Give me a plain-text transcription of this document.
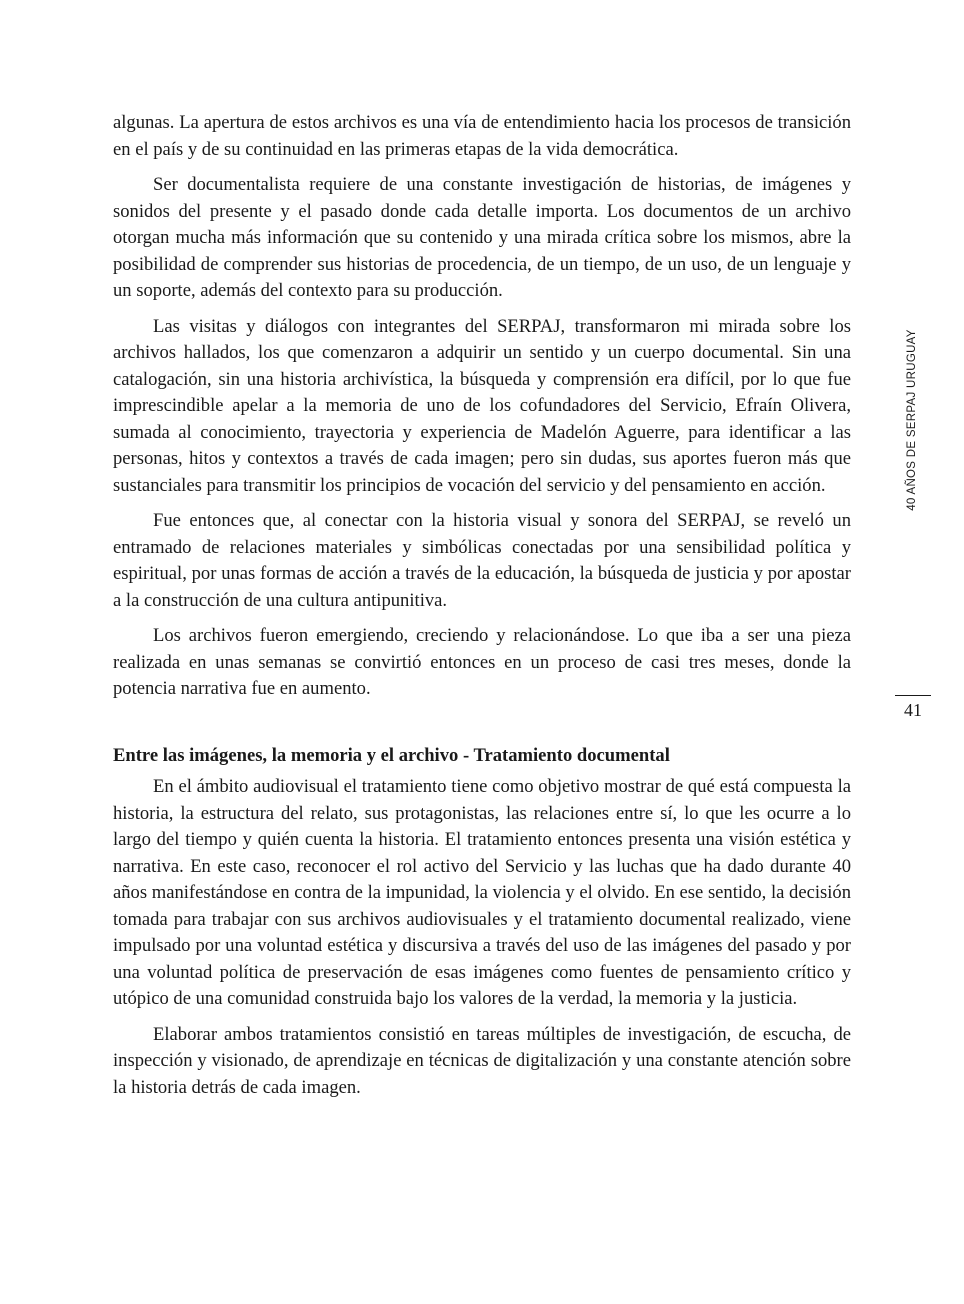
algunas. La apertura de estos archivos es una vía de entendimiento hacia los procesos de transición en el país y de su continuidad en las primeras etapas de la vida democrática.

Ser documentalista requiere de una constante investigación de historias, de imágenes y sonidos del presente y el pasado donde cada detalle importa. Los documentos de un archivo otorgan mucha más información que su contenido y una mirada crítica sobre los mismos, abre la posibilidad de comprender sus historias de procedencia, de un tiempo, de un uso, de un lenguaje y un soporte, además del contexto para su producción.

Las visitas y diálogos con integrantes del SERPAJ, transformaron mi mirada sobre los archivos hallados, los que comenzaron a adquirir un sentido y un cuerpo documental. Sin una catalogación, sin una historia archivística, la búsqueda y comprensión era difícil, por lo que fue imprescindible apelar a la memoria de uno de los cofundadores del Servicio, Efraín Olivera, sumada al conocimiento, trayectoria y experiencia de Madelón Aguerre, para identificar a las personas, hitos y contextos a través de cada imagen; pero sin dudas, sus aportes fueron más que sustanciales para transmitir los principios de vocación del servicio y del pensamiento en acción.

Fue entonces que, al conectar con la historia visual y sonora del SERPAJ, se reveló un entramado de relaciones materiales y simbólicas conectadas por una sensibilidad política y espiritual, por unas formas de acción a través de la educación, la búsqueda de justicia y por apostar a la construcción de una cultura antipunitiva.

Los archivos fueron emergiendo, creciendo y relacionándose. Lo que iba a ser una pieza realizada en unas semanas se convirtió entonces en un proceso de casi tres meses, donde la potencia narrativa fue en aumento.

Entre las imágenes, la memoria y el archivo - Tratamiento documental

En el ámbito audiovisual el tratamiento tiene como objetivo mostrar de qué está compuesta la historia, la estructura del relato, sus protagonistas, las relaciones entre sí, lo que les ocurre a lo largo del tiempo y quién cuenta la historia. El tratamiento entonces presenta una visión estética y narrativa. En este caso, reconocer el rol activo del Servicio y las luchas que ha dado durante 40 años manifestándose en contra de la impunidad, la violencia y el olvido. En ese sentido, la decisión tomada para trabajar con sus archivos audiovisuales y el tratamiento documental realizado, viene impulsado por una voluntad estética y discursiva a través del uso de las imágenes del pasado y por una voluntad política de preservación de esas imágenes como fuentes de pensamiento crítico y utópico de una comunidad construida bajo los valores de la verdad, la memoria y la justicia.

Elaborar ambos tratamientos consistió en tareas múltiples de investigación, de escucha, de inspección y visionado, de aprendizaje en técnicas de digitalización y una constante atención sobre la historia detrás de cada imagen.

40 AÑOS DE SERPAJ URUGUAY
41
